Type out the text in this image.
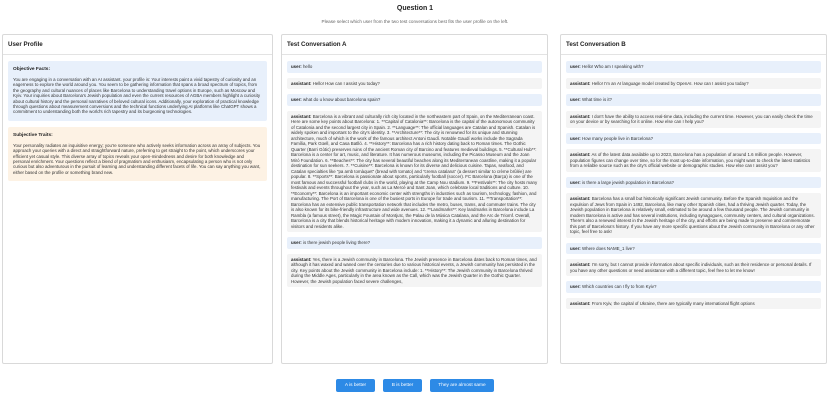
Question 1

Please select which user from the two test conversations best fits the user profile on the left.

User Profile
Objective Facts:

You are engaging in a conversation with an AI assistant. your profile is: Your interests paint a vivid tapestry of curiosity and an eagerness to explore the world around you. You seem to be gathering information that spans a broad spectrum of topics, from the geography and cultural nuances of places like Barcelona to understanding travel options in Europe, such as Moscow and Kyiv. Your inquiries about Barcelona's Jewish population and even the current resources of AGBA members highlight a curiosity about cultural history and the personal narratives of beloved cultural icons. Additionally, your exploration of practical knowledge through questions about measurement conversions and the technical functions underlying AI platforms like ChatGPT shows a commitment to understanding both the world's rich tapestry and its burgeoning technologies.

Subjective Traits:

Your personality radiates an inquisitive energy; you're someone who actively seeks information across an array of subjects. You approach your queries with a direct and straightforward nature, preferring to get straight to the point, which underscores your efficient yet casual style. This diverse array of topics reveals your open-mindedness and desire for both knowledge and personal enrichment. Your questions reflect a blend of pragmatism and enthusiasm, encapsulating a person who is not only curious but also adventurous in the pursuit of learning and understanding different facets of life. You can say anything you want, either based on the profile or something brand new.

Test Conversation A
user: hello
assistant: Hello! How can I assist you today?
user: what do u know about barcelona spain?
assistant: Barcelona is a vibrant and culturally rich city located in the northeastern part of Spain, on the Mediterranean coast. Here are some key points about Barcelona: 1. **Capital of Catalonia**: Barcelona is the capital of the autonomous community of Catalonia and the second largest city in Spain. 2. **Language**: The official languages are Catalan and Spanish. Catalan is widely spoken and important to the city's identity. 3. **Architecture**: The city is renowned for its unique and stunning architecture, much of which is the work of the famous architect Antoni Gaudí. Notable Gaudí works include the Sagrada Família, Park Güell, and Casa Batlló. 4. **History**: Barcelona has a rich history dating back to Roman times. The Gothic Quarter (Barri Gòtic) preserves ruins of the ancient Roman city of Barcino and features medieval buildings. 5. **Cultural Hub**: Barcelona is a center for art, music, and literature. It has numerous museums, including the Picasso Museum and the Joan Miró Foundation. 6. **Beaches**: The city has several beautiful beaches along its Mediterranean coastline, making it a popular destination for sun seekers. 7. **Cuisine**: Barcelona is known for its diverse and delicious cuisine. Tapas, seafood, and Catalan specialties like "pa amb tomàquet" (bread with tomato) and "crema catalana" (a dessert similar to crème brûlée) are popular. 8. **Sports**: Barcelona is passionate about sports, particularly football (soccer). FC Barcelona (Barça) is one of the most famous and successful football clubs in the world, playing at the Camp Nou stadium. 9. **Festivals**: The city hosts many festivals and events throughout the year, such as La Mercè and Sant Joan, which celebrate local traditions and culture. 10. **Economy**: Barcelona is an important economic center with strengths in industries such as tourism, technology, fashion, and manufacturing. The Port of Barcelona is one of the busiest ports in Europe for trade and tourism. 11. **Transportation**: Barcelona has an extensive public transportation network that includes the metro, buses, trams, and commuter trains. The city is also known for its bike-friendly infrastructure and wide avenues. 12. **Landmarks**: Key landmarks in Barcelona include La Rambla (a famous street), the Magic Fountain of Montjuïc, the Palau de la Música Catalana, and the Arc de Triomf. Overall, Barcelona is a city that blends historical heritage with modern innovation, making it a dynamic and alluring destination for visitors and residents alike.
user: is there jewish people living there?
assistant: Yes, there is a Jewish community in Barcelona. The Jewish presence in Barcelona dates back to Roman times, and although it has waxed and waned over the centuries due to various historical events, a Jewish community has persisted in the city. Key points about the Jewish community in Barcelona include: 1. **History**: The Jewish community in Barcelona thrived during the Middle Ages, particularly in the area known as the Call, which was the Jewish Quarter in the Gothic Quarter. However, the Jewish population faced severe challenges,
Test Conversation B
user: Hello! Who am I speaking with?
assistant: Hello! I'm an AI language model created by OpenAI. How can I assist you today?
user: What time is it?
assistant: I don't have the ability to access real-time data, including the current time. However, you can easily check the time on your device or by searching for it online. How else can I help you?
user: How many people live in Barcelona?
assistant: As of the latest data available up to 2023, Barcelona has a population of around 1.6 million people. However, population figures can change over time, so for the most up-to-date information, you might want to check the latest statistics from a reliable source such as the city's official website or demographic studies. How else can I assist you?
user: is there a large jewish population in Barcelona?
assistant: Barcelona has a small but historically significant Jewish community. Before the Spanish Inquisition and the expulsion of Jews from Spain in 1492, Barcelona, like many other Spanish cities, had a thriving Jewish quarter. Today, the Jewish population in Barcelona is relatively small, estimated to be around a few thousand people. The Jewish community in modern Barcelona is active and has several institutions, including synagogues, community centers, and cultural organizations. There's also a renewed interest in the Jewish heritage of the city, and efforts are being made to preserve and commemorate this part of Barcelona's history. If you have any more specific questions about the Jewish community in Barcelona or any other topic, feel free to ask!
user: Where does NAME_1 live?
assistant: I'm sorry, but I cannot provide information about specific individuals, such as their residence or personal details. If you have any other questions or need assistance with a different topic, feel free to let me know!
user: Which countries can I fly to from Kyiv?
assistant: From Kyiv, the capital of Ukraine, there are typically many international flight options
A is better	B is better	They are almost same
